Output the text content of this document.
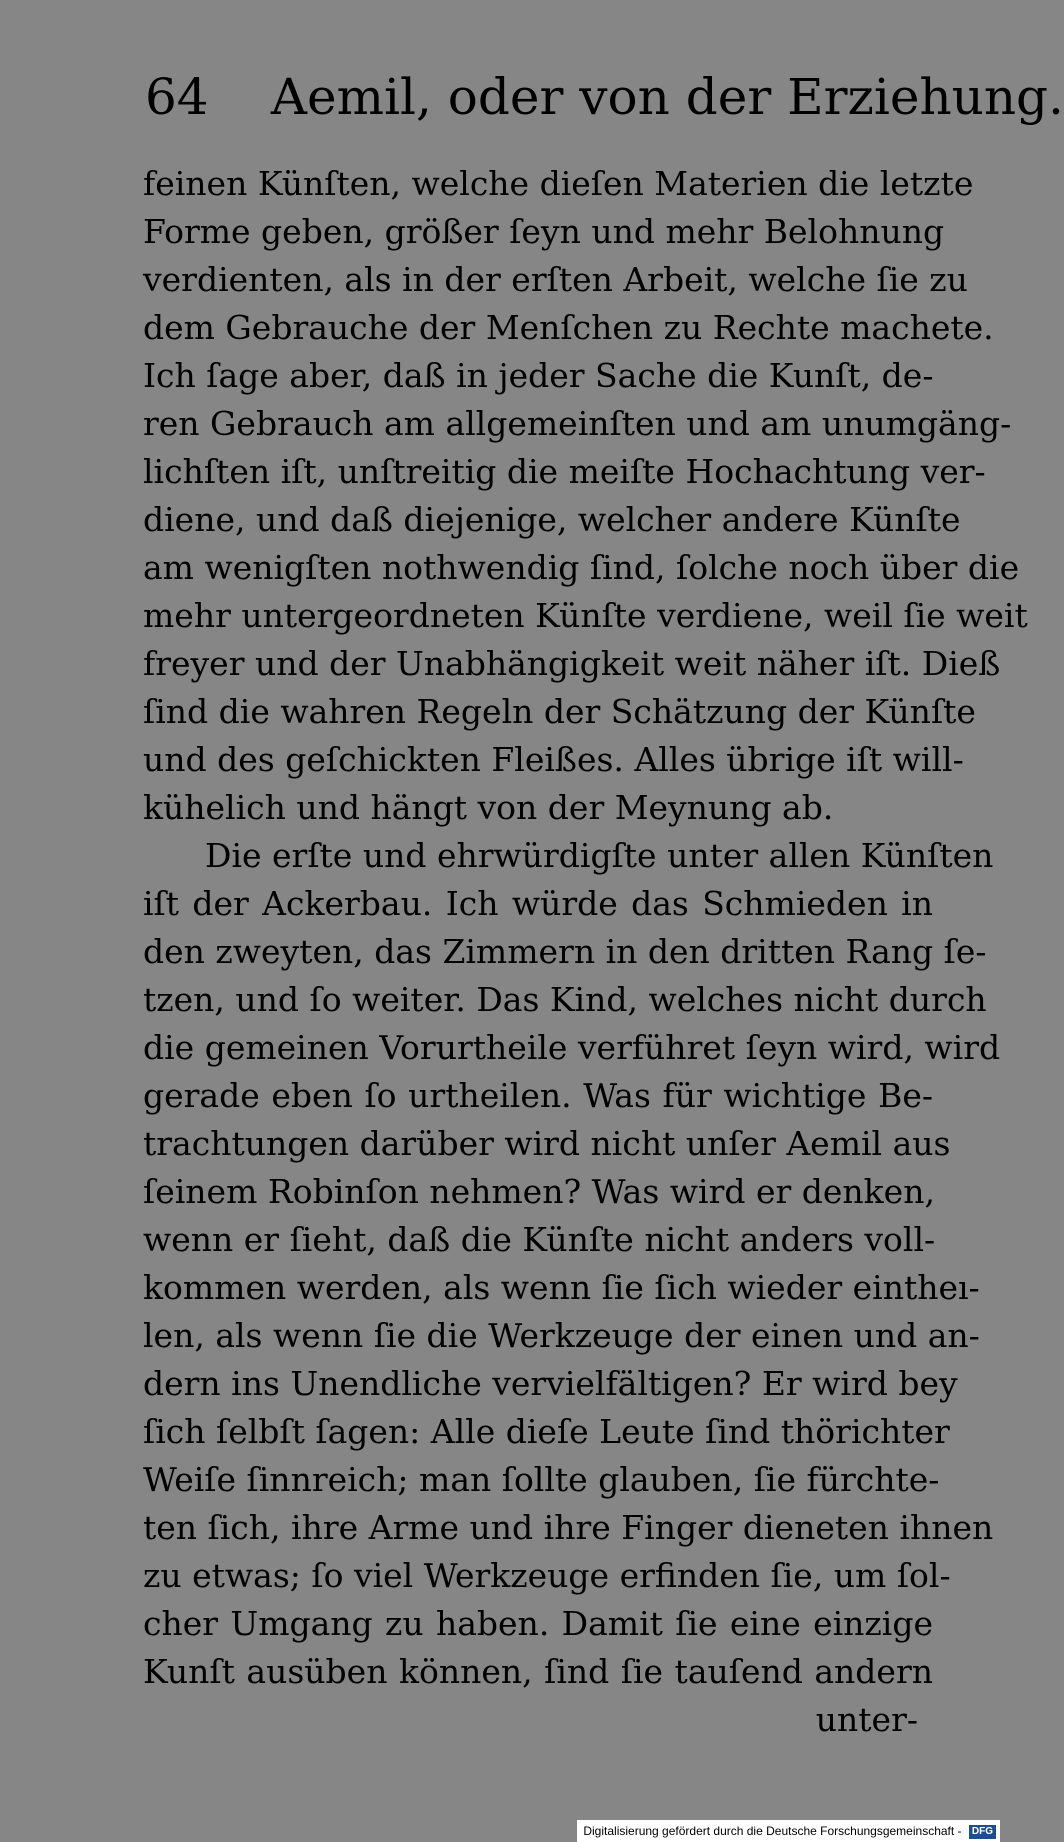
64 Aemil, oder von der Erziehung.
feinen Künſten, welche dieſen Materien die letzte
Forme geben, größer ſeyn und mehr Belohnung
verdienten, als in der erſten Arbeit, welche ſie zu
dem Gebrauche der Menſchen zu Rechte machete.
Ich ſage aber, daß in jeder Sache die Kunſt, de-
ren Gebrauch am allgemeinſten und am unumgäng-
lichſten iſt, unſtreitig die meiſte Hochachtung ver-
diene, und daß diejenige, welcher andere Künſte
am wenigſten nothwendig ſind, ſolche noch über die
mehr untergeordneten Künſte verdiene, weil ſie weit
freyer und der Unabhängigkeit weit näher iſt. Dieß
ſind die wahren Regeln der Schätzung der Künſte
und des geſchickten Fleißes. Alles übrige iſt will-
kühelich und hängt von der Meynung ab.
Die erſte und ehrwürdigſte unter allen Künſten
iſt der Ackerbau. Ich würde das Schmieden in
den zweyten, das Zimmern in den dritten Rang ſe-
tzen, und ſo weiter. Das Kind, welches nicht durch
die gemeinen Vorurtheile verführet ſeyn wird, wird
gerade eben ſo urtheilen. Was für wichtige Be-
trachtungen darüber wird nicht unſer Aemil aus
ſeinem Robinſon nehmen? Was wird er denken,
wenn er ſieht, daß die Künſte nicht anders voll-
kommen werden, als wenn ſie ſich wieder eintheı-
len, als wenn ſie die Werkzeuge der einen und an-
dern ins Unendliche vervielfältigen? Er wird bey
ſich ſelbſt ſagen: Alle dieſe Leute ſind thörichter
Weiſe ſinnreich; man ſollte glauben, ſie fürchte-
ten ſich, ihre Arme und ihre Finger dieneten ihnen
zu etwas; ſo viel Werkzeuge erfinden ſie, um ſol-
cher Umgang zu haben. Damit ſie eine einzige
Kunſt ausüben können, ſind ſie tauſend andern
unter-
Digitalisierung gefördert durch die Deutsche Forschungsgemeinschaft - DFG
